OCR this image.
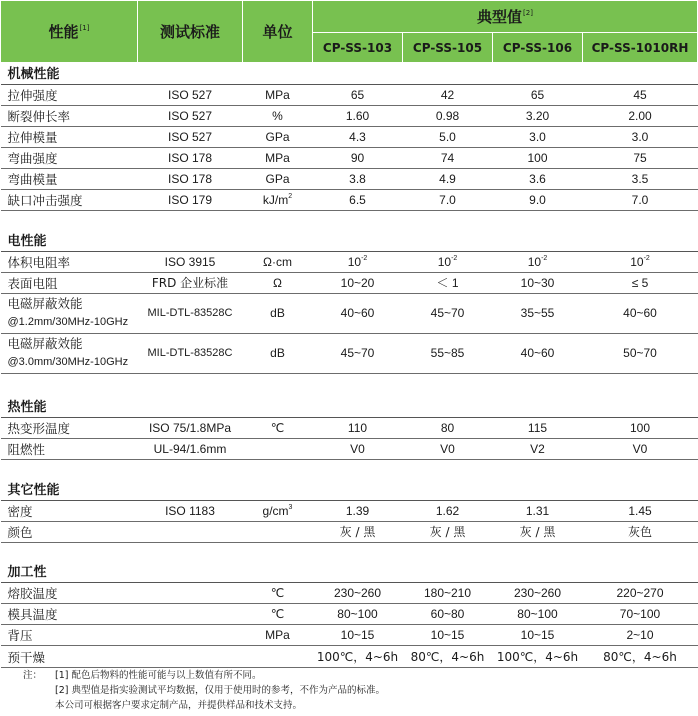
性能[1]	测试标准	单位	典型值[2]
			CP-SS-103	CP-SS-105	CP-SS-106	CP-SS-1010RH
机械性能						
拉伸强度	ISO 527	MPa	65	42	65	45
断裂伸长率	ISO 527	%	1.60	0.98	3.20	2.00
拉伸模量	ISO 527	GPa	4.3	5.0	3.0	3.0
弯曲强度	ISO 178	MPa	90	74	100	75
弯曲模量	ISO 178	GPa	3.8	4.9	3.6	3.5
缺口冲击强度	ISO 179	$kJ/m^2$	6.5	7.0	9.0	7.0

电性能						
体积电阻率	ISO 3915	Ω·cm	$10^{-2}$	$10^{-2}$	$10^{-2}$	$10^{-2}$
表面电阻	FRD 企业标准	Ω	10~20	＜ 1	10~30	≤ 5

电磁屏蔽效能
@1.2mm/30MHz-10GHz	MIL-DTL-83528C	dB	40~60	45~70	35~55	40~60

电磁屏蔽效能
@3.0mm/30MHz-10GHz	MIL-DTL-83528C	dB	45~70	55~85	40~60	50~70

热性能						
热变形温度	ISO 75/1.8MPa	℃	110	80	115	100
阻燃性	UL-94/1.6mm		V0	V0	V2	V0

其它性能						
密度	ISO 1183	$g/cm^3$	1.39	1.62	1.31	1.45
颜色			灰 / 黑	灰 / 黑	灰 / 黑	灰色

加工性						
熔胶温度		℃	230~260	180~210	230~260	220~270
模具温度		℃	80~100	60~80	80~100	70~100
背压		MPa	10~15	10~15	10~15	2~10
预干燥			100℃，4~6h	80℃，4~6h	100℃，4~6h	80℃，4~6h
注： [1] 配色后物料的性能可能与以上数值有所不同。
[2] 典型值是指实验测试平均数据，仅用于使用时的参考，不作为产品的标准。
本公司可根据客户要求定制产品，并提供样品和技术支持。
